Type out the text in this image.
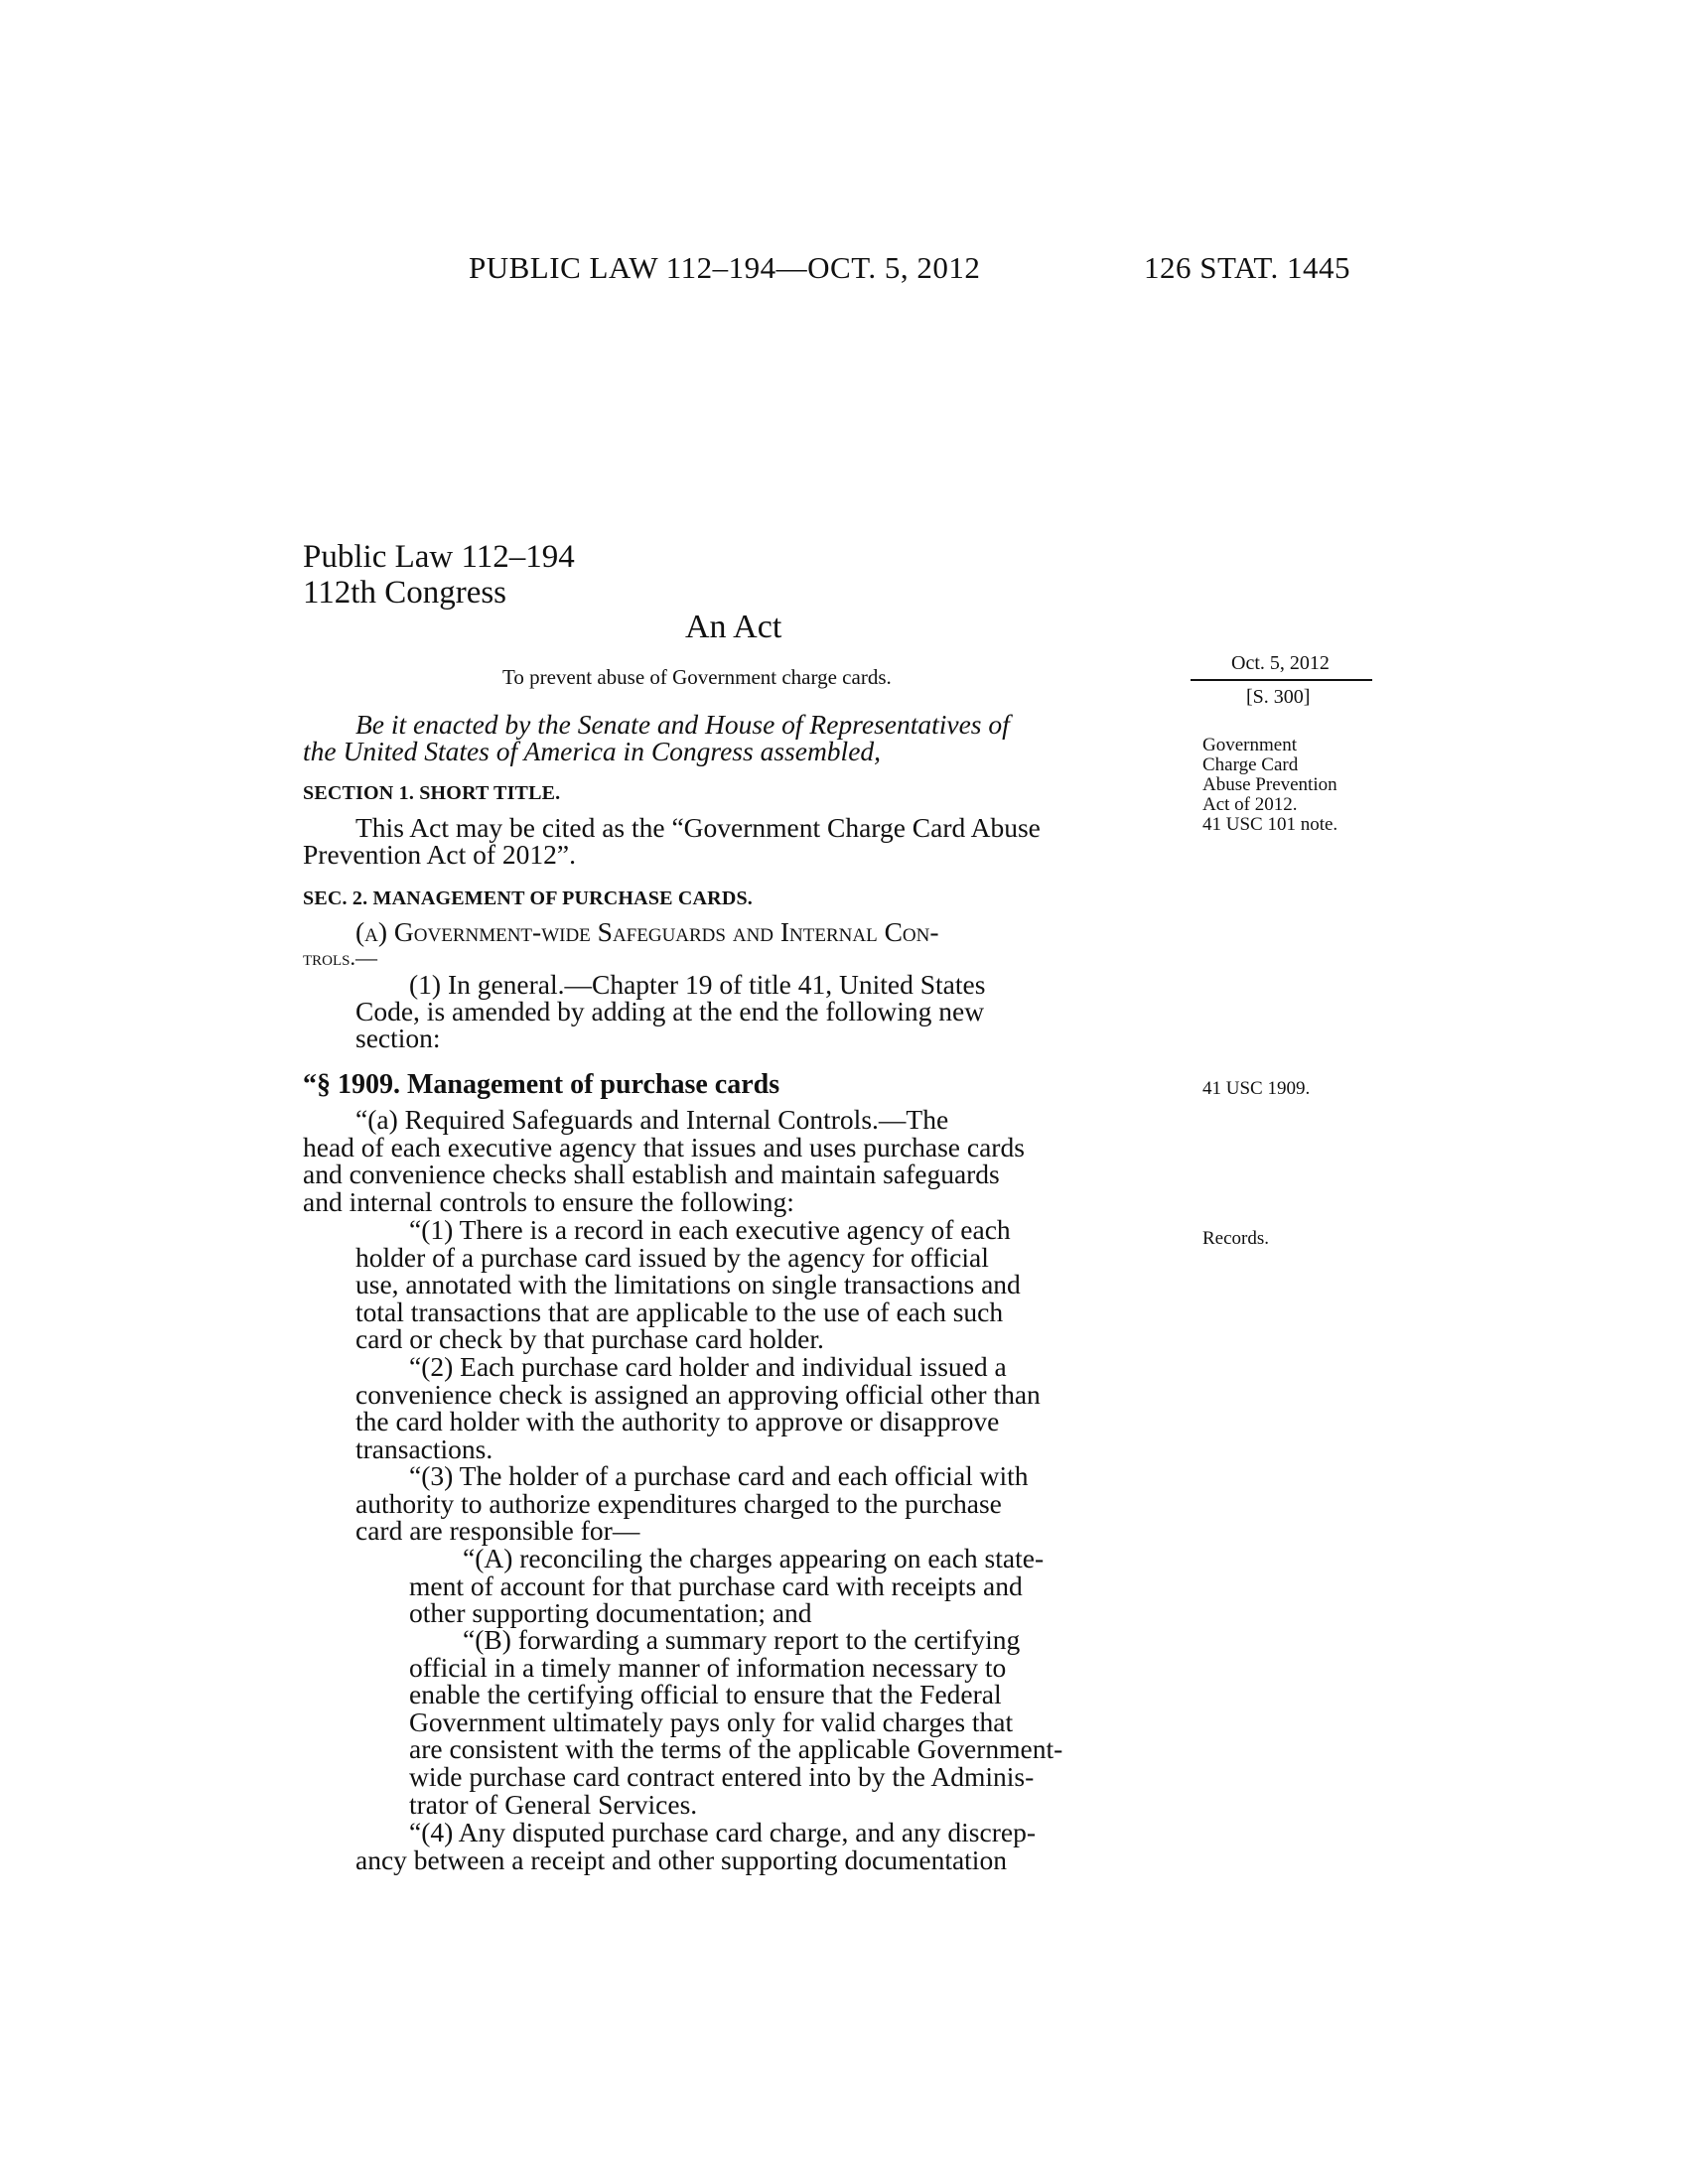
PUBLIC LAW 112–194—OCT. 5, 2012	126 STAT. 1445
Public Law 112–194
112th Congress
An Act
To prevent abuse of Government charge cards.
Oct. 5, 2012
[S. 300]
Government
Charge Card
Abuse Prevention
Act of 2012.
41 USC 101 note.
41 USC 1909.
Records.
Be it enacted by the Senate and House of Representatives of
the United States of America in Congress assembled,
SECTION 1. SHORT TITLE.
This Act may be cited as the “Government Charge Card Abuse
Prevention Act of 2012”.
SEC. 2. MANAGEMENT OF PURCHASE CARDS.
(a) Government-wide Safeguards and Internal Con-
trols.—
(1) In general.—Chapter 19 of title 41, United States
Code, is amended by adding at the end the following new
section:
“§ 1909. Management of purchase cards
“(a) Required Safeguards and Internal Controls.—The
head of each executive agency that issues and uses purchase cards
and convenience checks shall establish and maintain safeguards
and internal controls to ensure the following:
“(1) There is a record in each executive agency of each
holder of a purchase card issued by the agency for official
use, annotated with the limitations on single transactions and
total transactions that are applicable to the use of each such
card or check by that purchase card holder.
“(2) Each purchase card holder and individual issued a
convenience check is assigned an approving official other than
the card holder with the authority to approve or disapprove
transactions.
“(3) The holder of a purchase card and each official with
authority to authorize expenditures charged to the purchase
card are responsible for—
“(A) reconciling the charges appearing on each state-
ment of account for that purchase card with receipts and
other supporting documentation; and
“(B) forwarding a summary report to the certifying
official in a timely manner of information necessary to
enable the certifying official to ensure that the Federal
Government ultimately pays only for valid charges that
are consistent with the terms of the applicable Government-
wide purchase card contract entered into by the Adminis-
trator of General Services.
“(4) Any disputed purchase card charge, and any discrep-
ancy between a receipt and other supporting documentation
